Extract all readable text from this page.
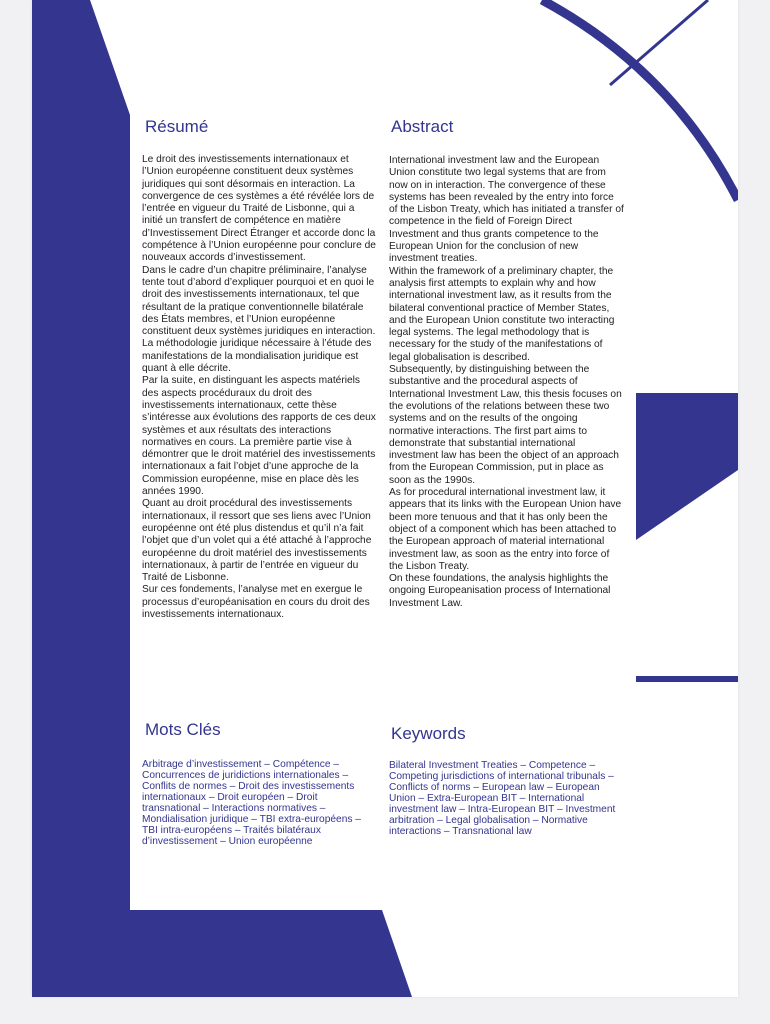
Résumé

Le droit des investissements internationaux et l’Union européenne constituent deux systèmes juridiques qui sont désormais en interaction. La convergence de ces systèmes a été révélée lors de l’entrée en vigueur du Traité de Lisbonne, qui a initié un transfert de compétence en matière d’Investissement Direct Étranger et accorde donc la compétence à l’Union européenne pour conclure de nouveaux accords d’investissement.

Dans le cadre d’un chapitre préliminaire, l’analyse tente tout d’abord d’expliquer pourquoi et en quoi le droit des investissements internationaux, tel que résultant de la pratique conventionnelle bilatérale des États membres, et l’Union européenne constituent deux systèmes juridiques en interaction. La méthodologie juridique nécessaire à l’étude des manifestations de la mondialisation juridique est quant à elle décrite.

Par la suite, en distinguant les aspects matériels des aspects procéduraux du droit des investissements internationaux, cette thèse s’intéresse aux évolutions des rapports de ces deux systèmes et aux résultats des interactions normatives en cours. La première partie vise à démontrer que le droit matériel des investissements internationaux a fait l’objet d’une approche de la Commission européenne, mise en place dès les années 1990.

Quant au droit procédural des investissements internationaux, il ressort que ses liens avec l’Union européenne ont été plus distendus et qu’il n’a fait l’objet que d’un volet qui a été attaché à l’approche européenne du droit matériel des investissements internationaux, à partir de l’entrée en vigueur du Traité de Lisbonne.

Sur ces fondements, l’analyse met en exergue le processus d’européanisation en cours du droit des investissements internationaux.

Abstract

International investment law and the European Union constitute two legal systems that are from now on in interaction. The convergence of these systems has been revealed by the entry into force of the Lisbon Treaty, which has initiated a transfer of competence in the field of Foreign Direct Investment and thus grants competence to the European Union for the conclusion of new investment treaties.

Within the framework of a preliminary chapter, the analysis first attempts to explain why and how international investment law, as it results from the bilateral conventional practice of Member States, and the European Union constitute two interacting legal systems. The legal methodology that is necessary for the study of the manifestations of legal globalisation is described.

Subsequently, by distinguishing between the substantive and the procedural aspects of International Investment Law, this thesis focuses on the evolutions of the relations between these two systems and on the results of the ongoing normative interactions. The first part aims to demonstrate that substantial international investment law has been the object of an approach from the European Commission, put in place as soon as the 1990s.

As for procedural international investment law, it appears that its links with the European Union have been more tenuous and that it has only been the object of a component which has been attached to the European approach of material international investment law, as soon as the entry into force of the Lisbon Treaty.

On these foundations, the analysis highlights the ongoing Europeanisation process of International Investment Law.

Mots Clés
Arbitrage d’investissement – Compétence – Concurrences de juridictions internationales – Conflits de normes – Droit des investissements internationaux – Droit européen – Droit transnational – Interactions normatives – Mondialisation juridique – TBI extra-européens – TBI intra-européens – Traités bilatéraux d’investissement – Union européenne
Keywords
Bilateral Investment Treaties – Competence – Competing jurisdictions of international tribunals – Conflicts of norms – European law – European Union – Extra-European BIT – International investment law – Intra-European BIT – Investment arbitration – Legal globalisation – Normative interactions – Transnational law
